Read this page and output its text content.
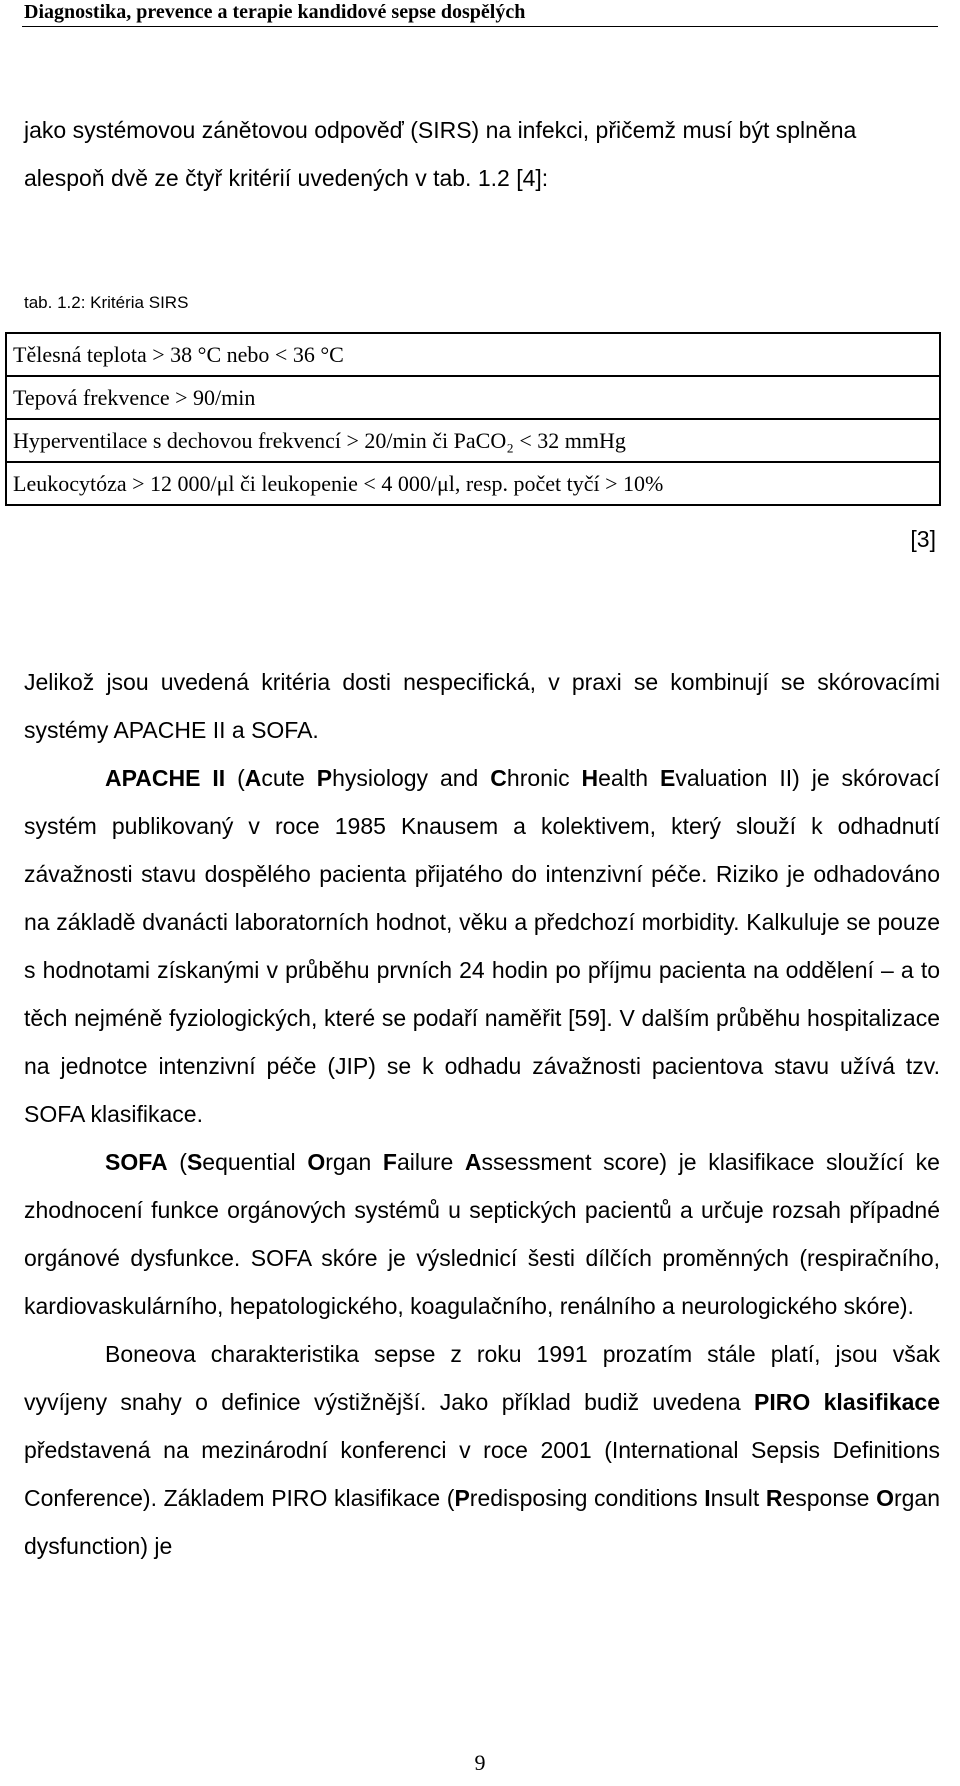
Diagnostika, prevence a terapie kandidové sepse dospělých

jako systémovou zánětovou odpověď (SIRS) na infekci, přičemž musí být splněna alespoň dvě ze čtyř kritérií uvedených v tab. 1.2 [4]:

tab. 1.2: Kritéria SIRS
Tělesná teplota > 38 °C nebo < 36 °C
Tepová frekvence > 90/min
Hyperventilace s dechovou frekvencí > 20/min či PaCO₂ < 32 mmHg
Leukocytóza > 12 000/μl či leukopenie < 4 000/μl, resp. počet tyčí > 10%
[3]

Jelikož jsou uvedená kritéria dosti nespecifická, v praxi se kombinují se skórovacími systémy APACHE II a SOFA.

APACHE II (Acute Physiology and Chronic Health Evaluation II) je skórovací systém publikovaný v roce 1985 Knausem a kolektivem, který slouží k odhadnutí závažnosti stavu dospělého pacienta přijatého do intenzivní péče. Riziko je odhadováno na základě dvanácti laboratorních hodnot, věku a předchozí morbidity. Kalkuluje se pouze s hodnotami získanými v průběhu prvních 24 hodin po příjmu pacienta na oddělení – a to těch nejméně fyziologických, které se podaří naměřit [59]. V dalším průběhu hospitalizace na jednotce intenzivní péče (JIP) se k odhadu závažnosti pacientova stavu užívá tzv. SOFA klasifikace.

SOFA (Sequential Organ Failure Assessment score) je klasifikace sloužící ke zhodnocení funkce orgánových systémů u septických pacientů a určuje rozsah případné orgánové dysfunkce. SOFA skóre je výslednicí šesti dílčích proměnných (respiračního, kardiovaskulárního, hepatologického, koagulačního, renálního a neurologického skóre).

Boneova charakteristika sepse z roku 1991 prozatím stále platí, jsou však vyvíjeny snahy o definice výstižnější. Jako příklad budiž uvedena PIRO klasifikace představená na mezinárodní konferenci v roce 2001 (International Sepsis Definitions Conference). Základem PIRO klasifikace (Predisposing conditions Insult Response Organ dysfunction) je

9
